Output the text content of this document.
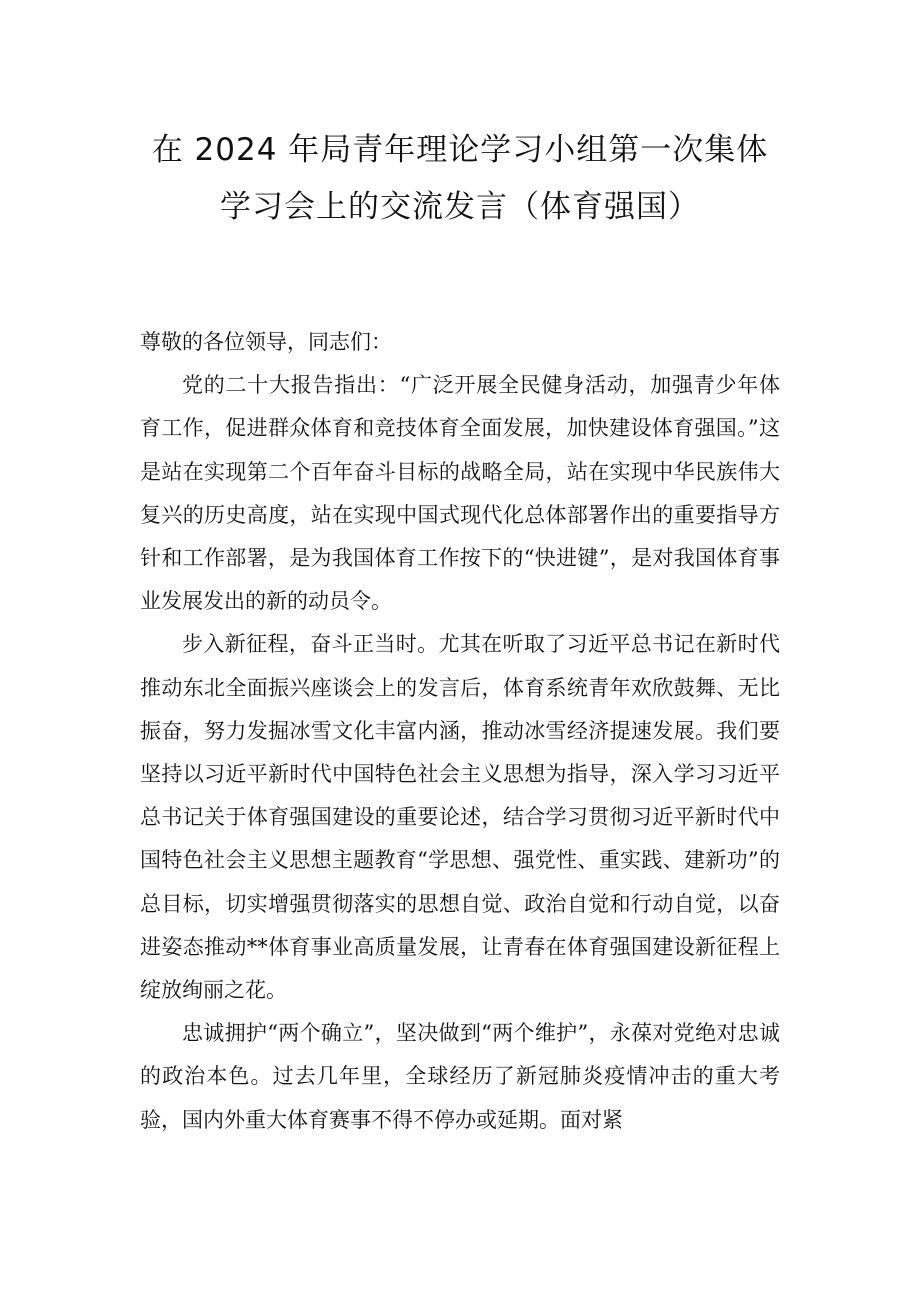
在 2024 年局青年理论学习小组第一次集体
学习会上的交流发言（体育强国）

尊敬的各位领导，同志们：

党的二十大报告指出：“广泛开展全民健身活动，加强青少年体育工作，促进群众体育和竞技体育全面发展，加快建设体育强国。”这是站在实现第二个百年奋斗目标的战略全局，站在实现中华民族伟大复兴的历史高度，站在实现中国式现代化总体部署作出的重要指导方针和工作部署，是为我国体育工作按下的“快进键”，是对我国体育事业发展发出的新的动员令。

步入新征程，奋斗正当时。尤其在听取了习近平总书记在新时代推动东北全面振兴座谈会上的发言后，体育系统青年欢欣鼓舞、无比振奋，努力发掘冰雪文化丰富内涵，推动冰雪经济提速发展。我们要坚持以习近平新时代中国特色社会主义思想为指导，深入学习习近平总书记关于体育强国建设的重要论述，结合学习贯彻习近平新时代中国特色社会主义思想主题教育“学思想、强党性、重实践、建新功”的总目标，切实增强贯彻落实的思想自觉、政治自觉和行动自觉，以奋进姿态推动**体育事业高质量发展，让青春在体育强国建设新征程上绽放绚丽之花。

忠诚拥护“两个确立”，坚决做到“两个维护”，永葆对党绝对忠诚的政治本色。过去几年里，全球经历了新冠肺炎疫情冲击的重大考验，国内外重大体育赛事不得不停办或延期。面对紧
